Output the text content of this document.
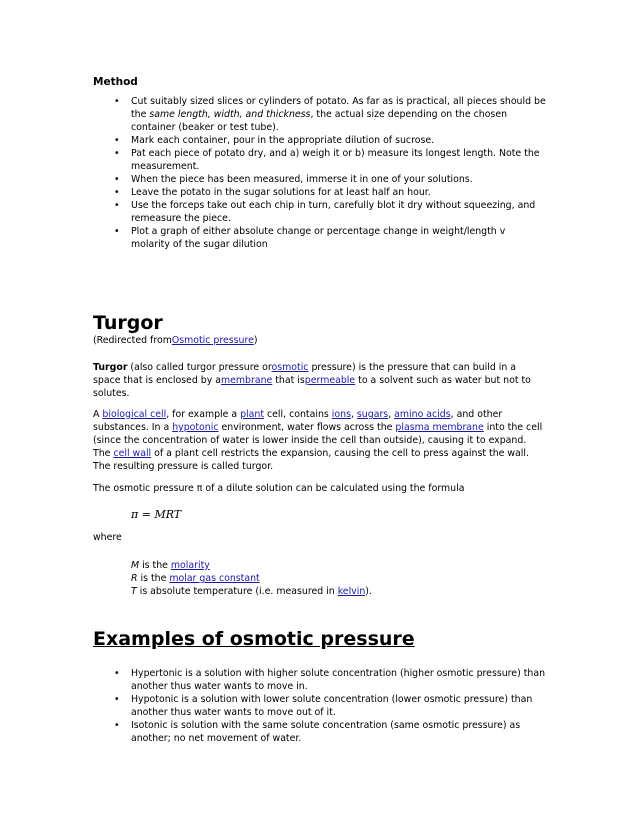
Method
• Cut suitably sized slices or cylinders of potato. As far as is practical, all pieces should be the same length, width, and thickness, the actual size depending on the chosen container (beaker or test tube).
• Mark each container, pour in the appropriate dilution of sucrose.
• Pat each piece of potato dry, and a) weigh it or b) measure its longest length. Note the measurement.
• When the piece has been measured, immerse it in one of your solutions.
• Leave the potato in the sugar solutions for at least half an hour.
• Use the forceps take out each chip in turn, carefully blot it dry without squeezing, and remeasure the piece.
• Plot a graph of either absolute change or percentage change in weight/length v molarity of the sugar dilution
Turgor
(Redirected fromOsmotic pressure)
Turgor (also called turgor pressure orosmotic pressure) is the pressure that can build in a space that is enclosed by amembrane that ispermeable to a solvent such as water but not to solutes.
A biological cell, for example a plant cell, contains ions, sugars, amino acids, and other substances. In a hypotonic environment, water flows across the plasma membrane into the cell (since the concentration of water is lower inside the cell than outside), causing it to expand. The cell wall of a plant cell restricts the expansion, causing the cell to press against the wall. The resulting pressure is called turgor.
The osmotic pressure π of a dilute solution can be calculated using the formula
π = MRT
where
M is the molarity
R is the molar gas constant
T is absolute temperature (i.e. measured in kelvin).
Examples of osmotic pressure
• Hypertonic is a solution with higher solute concentration (higher osmotic pressure) than another thus water wants to move in.
• Hypotonic is a solution with lower solute concentration (lower osmotic pressure) than another thus water wants to move out of it.
• Isotonic is solution with the same solute concentration (same osmotic pressure) as another; no net movement of water.
